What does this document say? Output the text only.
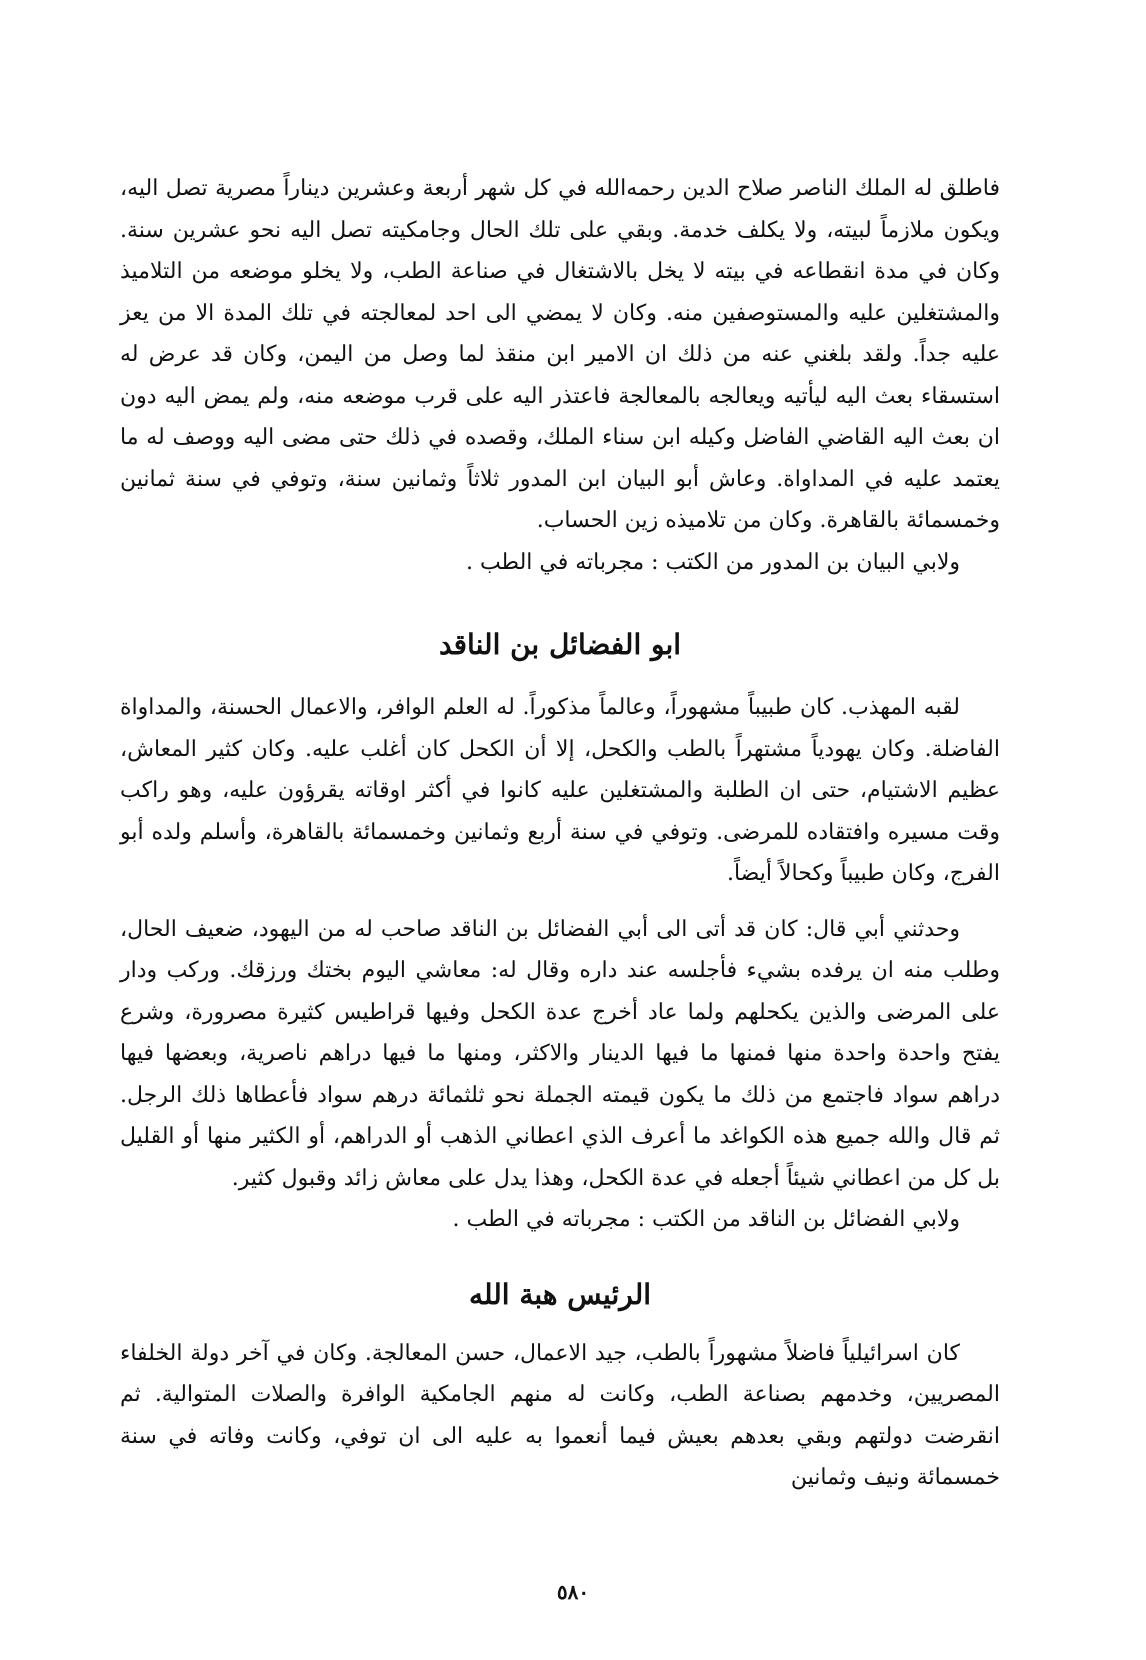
فاطلق له الملك الناصر صلاح الدين رحمه‌الله في كل شهر أربعة وعشرين ديناراً مصرية تصل اليه، ويكون ملازماً لبيته، ولا يكلف خدمة. وبقي على تلك الحال وجامكيته تصل اليه نحو عشرين سنة. وكان في مدة انقطاعه في بيته لا يخل بالاشتغال في صناعة الطب، ولا يخلو موضعه من التلاميذ والمشتغلين عليه والمستوصفين منه. وكان لا يمضي الى احد لمعالجته في تلك المدة الا من يعز عليه جداً. ولقد بلغني عنه من ذلك ان الامير ابن منقذ لما وصل من اليمن، وكان قد عرض له استسقاء بعث اليه ليأتيه ويعالجه بالمعالجة فاعتذر اليه على قرب موضعه منه، ولم يمض اليه دون ان بعث اليه القاضي الفاضل وكيله ابن سناء الملك، وقصده في ذلك حتى مضى اليه ووصف له ما يعتمد عليه في المداواة. وعاش أبو البيان ابن المدور ثلاثاً وثمانين سنة، وتوفي في سنة ثمانين وخمسمائة بالقاهرة. وكان من تلاميذه زين الحساب.

ولابي البيان بن المدور من الكتب : مجرباته في الطب .

ابو الفضائل بن الناقد

لقبه المهذب. كان طبيباً مشهوراً، وعالماً مذكوراً. له العلم الوافر، والاعمال الحسنة، والمداواة الفاضلة. وكان يهودياً مشتهراً بالطب والكحل، إلا أن الكحل كان أغلب عليه. وكان كثير المعاش، عظيم الاشتيام، حتى ان الطلبة والمشتغلين عليه كانوا في أكثر اوقاته يقرؤون عليه، وهو راكب وقت مسيره وافتقاده للمرضى. وتوفي في سنة أربع وثمانين وخمسمائة بالقاهرة، وأسلم ولده أبو الفرج، وكان طبيباً وكحالاً أيضاً.

وحدثني أبي قال: كان قد أتى الى أبي الفضائل بن الناقد صاحب له من اليهود، ضعيف الحال، وطلب منه ان يرفده بشيء فأجلسه عند داره وقال له: معاشي اليوم بختك ورزقك. وركب ودار على المرضى والذين يكحلهم ولما عاد أخرج عدة الكحل وفيها قراطيس كثيرة مصرورة، وشرع يفتح واحدة واحدة منها فمنها ما فيها الدينار والاكثر، ومنها ما فيها دراهم ناصرية، وبعضها فيها دراهم سواد فاجتمع من ذلك ما يكون قيمته الجملة نحو ثلثمائة درهم سواد فأعطاها ذلك الرجل. ثم قال والله جميع هذه الكواغد ما أعرف الذي اعطاني الذهب أو الدراهم، أو الكثير منها أو القليل بل كل من اعطاني شيئاً أجعله في عدة الكحل، وهذا يدل على معاش زائد وقبول كثير.

ولابي الفضائل بن الناقد من الكتب : مجرباته في الطب .

الرئيس هبة الله

كان اسرائيلياً فاضلاً مشهوراً بالطب، جيد الاعمال، حسن المعالجة. وكان في آخر دولة الخلفاء المصريين، وخدمهم بصناعة الطب، وكانت له منهم الجامكية الوافرة والصلات المتوالية. ثم انقرضت دولتهم وبقي بعدهم بعيش فيما أنعموا به عليه الى ان توفي، وكانت وفاته في سنة خمسمائة ونيف وثمانين

٥٨٠
